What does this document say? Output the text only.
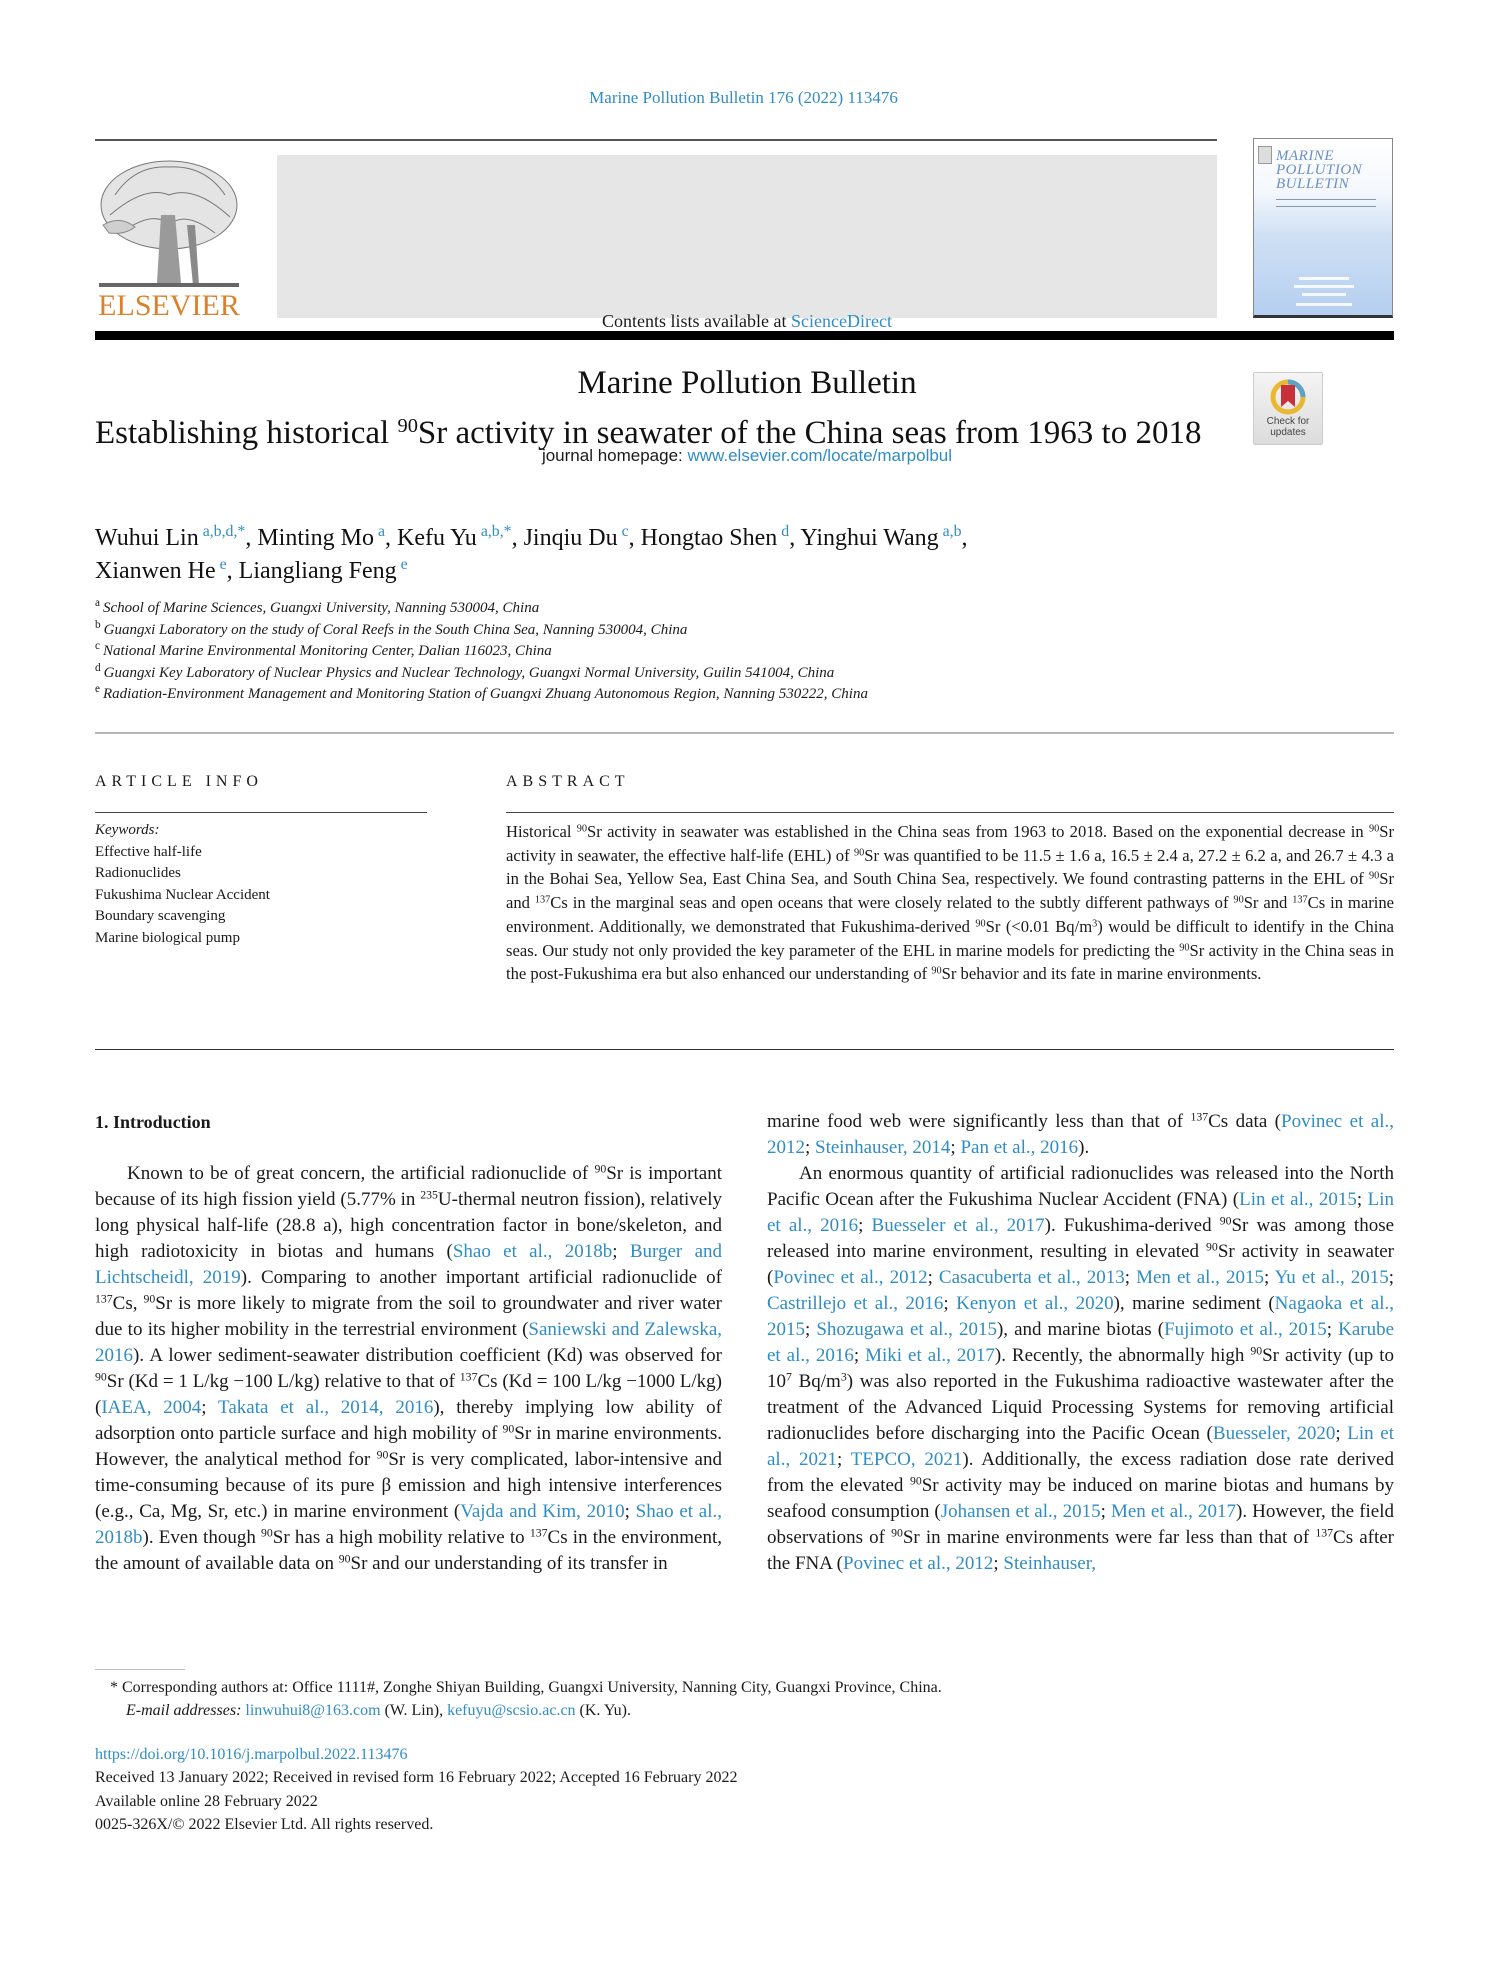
Marine Pollution Bulletin 176 (2022) 113476
ELSEVIER	Contents lists available at ScienceDirect
Marine Pollution Bulletin
journal homepage: www.elsevier.com/locate/marpolbul
MARINE
POLLUTION
BULLETIN
Check for
updates
Establishing historical $^{90}$Sr activity in seawater of the China seas from 1963 to 2018
Wuhui Lin $^{a,b,d,*}$, Minting Mo $^a$, Kefu Yu $^{a,b,*}$, Jinqiu Du $^c$, Hongtao Shen $^d$, Yinghui Wang $^{a,b}$,
Xianwen He $^e$, Liangliang Feng $^e$
$^a$ School of Marine Sciences, Guangxi University, Nanning 530004, China
$^b$ Guangxi Laboratory on the study of Coral Reefs in the South China Sea, Nanning 530004, China
$^c$ National Marine Environmental Monitoring Center, Dalian 116023, China
$^d$ Guangxi Key Laboratory of Nuclear Physics and Nuclear Technology, Guangxi Normal University, Guilin 541004, China
$^e$ Radiation-Environment Management and Monitoring Station of Guangxi Zhuang Autonomous Region, Nanning 530222, China
ARTICLE INFO
Keywords:
Effective half-life
Radionuclides
Fukushima Nuclear Accident
Boundary scavenging
Marine biological pump
ABSTRACT
Historical $^{90}$Sr activity in seawater was established in the China seas from 1963 to 2018. Based on the exponential decrease in $^{90}$Sr activity in seawater, the effective half-life (EHL) of $^{90}$Sr was quantified to be 11.5 ± 1.6 a, 16.5 ± 2.4 a, 27.2 ± 6.2 a, and 26.7 ± 4.3 a in the Bohai Sea, Yellow Sea, East China Sea, and South China Sea, respectively. We found contrasting patterns in the EHL of $^{90}$Sr and $^{137}$Cs in the marginal seas and open oceans that were closely related to the subtly different pathways of $^{90}$Sr and $^{137}$Cs in marine environment. Additionally, we demonstrated that Fukushima-derived $^{90}$Sr (<0.01 $Bq/m^3$) would be difficult to identify in the China seas. Our study not only provided the key parameter of the EHL in marine models for predicting the $^{90}$Sr activity in the China seas in the post-Fukushima era but also enhanced our understanding of $^{90}$Sr behavior and its fate in marine environments.
1. Introduction

Known to be of great concern, the artificial radionuclide of $^{90}$Sr is important because of its high fission yield (5.77% in $^{235}$U-thermal neutron fission), relatively long physical half-life (28.8 a), high concentration factor in bone/skeleton, and high radiotoxicity in biotas and humans (Shao et al., 2018b; Burger and Lichtscheidl, 2019). Comparing to another important artificial radionuclide of $^{137}$Cs, $^{90}$Sr is more likely to migrate from the soil to groundwater and river water due to its higher mobility in the terrestrial environment (Saniewski and Zalewska, 2016). A lower sediment-seawater distribution coefficient (Kd) was observed for $^{90}$Sr (Kd = 1 L/kg −100 L/kg) relative to that of $^{137}$Cs (Kd = 100 L/kg −1000 L/kg) (IAEA, 2004; Takata et al., 2014, 2016), thereby implying low ability of adsorption onto particle surface and high mobility of $^{90}$Sr in marine environments. However, the analytical method for $^{90}$Sr is very complicated, labor-intensive and time-consuming because of its pure β emission and high intensive interferences (e.g., Ca, Mg, Sr, etc.) in marine environment (Vajda and Kim, 2010; Shao et al., 2018b). Even though $^{90}$Sr has a high mobility relative to $^{137}$Cs in the environment, the amount of available data on $^{90}$Sr and our understanding of its transfer in

marine food web were significantly less than that of $^{137}$Cs data (Povinec et al., 2012; Steinhauser, 2014; Pan et al., 2016).

An enormous quantity of artificial radionuclides was released into the North Pacific Ocean after the Fukushima Nuclear Accident (FNA) (Lin et al., 2015; Lin et al., 2016; Buesseler et al., 2017). Fukushima-derived $^{90}$Sr was among those released into marine environment, resulting in elevated $^{90}$Sr activity in seawater (Povinec et al., 2012; Casacuberta et al., 2013; Men et al., 2015; Yu et al., 2015; Castrillejo et al., 2016; Kenyon et al., 2020), marine sediment (Nagaoka et al., 2015; Shozugawa et al., 2015), and marine biotas (Fujimoto et al., 2015; Karube et al., 2016; Miki et al., 2017). Recently, the abnormally high $^{90}$Sr activity (up to $10^7$ $Bq/m^3$) was also reported in the Fukushima radioactive wastewater after the treatment of the Advanced Liquid Processing Systems for removing artificial radionuclides before discharging into the Pacific Ocean (Buesseler, 2020; Lin et al., 2021; TEPCO, 2021). Additionally, the excess radiation dose rate derived from the elevated $^{90}$Sr activity may be induced on marine biotas and humans by seafood consumption (Johansen et al., 2015; Men et al., 2017). However, the field observations of $^{90}$Sr in marine environments were far less than that of $^{137}$Cs after the FNA (Povinec et al., 2012; Steinhauser,

* Corresponding authors at: Office 1111#, Zonghe Shiyan Building, Guangxi University, Nanning City, Guangxi Province, China.
E-mail addresses: linwuhui8@163.com (W. Lin), kefuyu@scsio.ac.cn (K. Yu).
https://doi.org/10.1016/j.marpolbul.2022.113476
Received 13 January 2022; Received in revised form 16 February 2022; Accepted 16 February 2022
Available online 28 February 2022
0025-326X/© 2022 Elsevier Ltd. All rights reserved.
